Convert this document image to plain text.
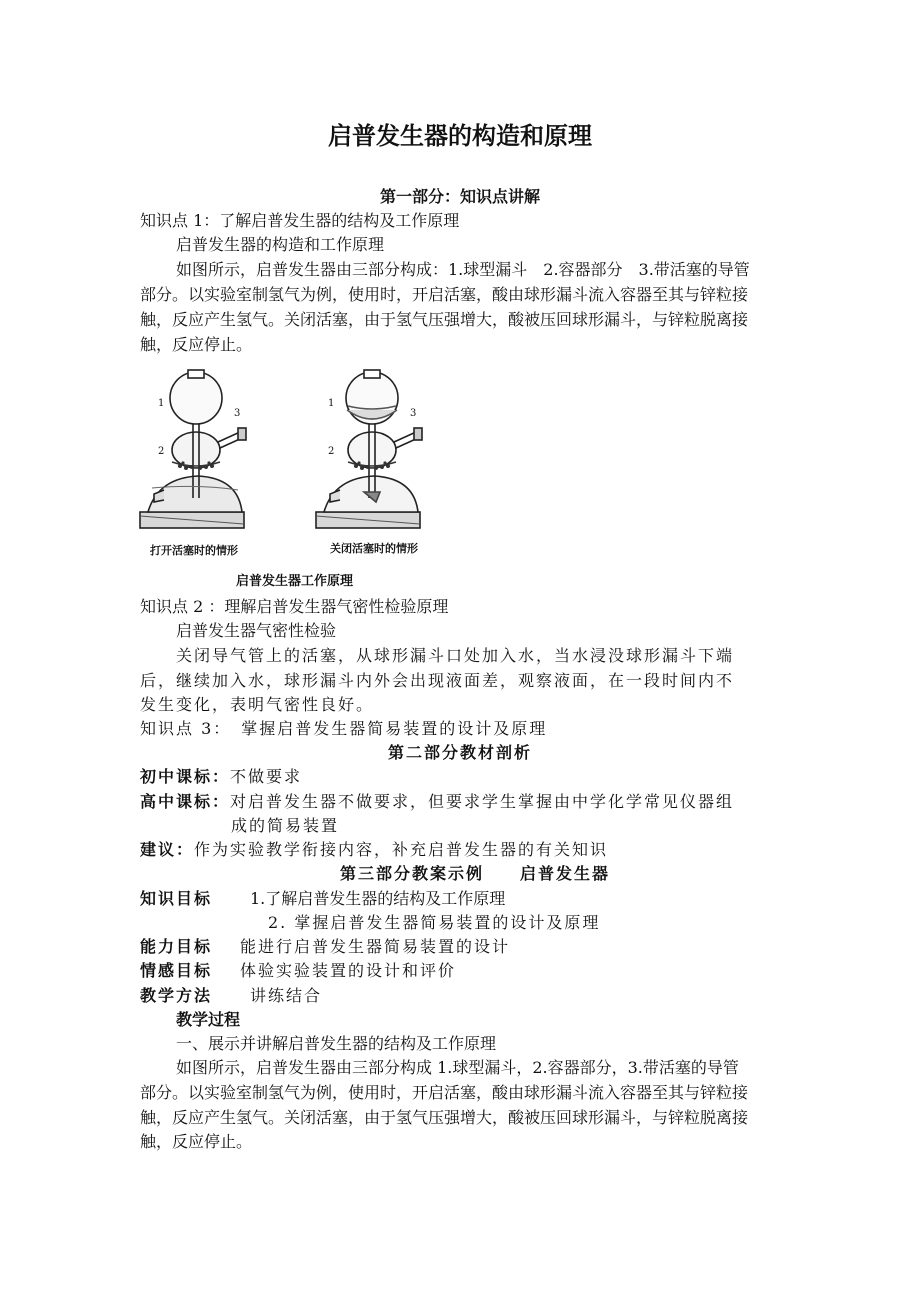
启普发生器的构造和原理
第一部分：知识点讲解
知识点 1：了解启普发生器的结构及工作原理
启普发生器的构造和工作原理
如图所示，启普发生器由三部分构成：1.球型漏斗　2.容器部分　3.带活塞的导管
部分。以实验室制氢气为例，使用时，开启活塞，酸由球形漏斗流入容器至其与锌粒接
触，反应产生氢气。关闭活塞，由于氢气压强增大，酸被压回球形漏斗，与锌粒脱离接
触，反应停止。
1
2
3
1
2
3
打开活塞时的情形	关闭活塞时的情形
启普发生器工作原理
知识点 2 ：理解启普发生器气密性检验原理
启普发生器气密性检验
关闭导气管上的活塞，从球形漏斗口处加入水，当水浸没球形漏斗下端
后，继续加入水，球形漏斗内外会出现液面差，观察液面，在一段时间内不
发生变化，表明气密性良好。
知识点 3：　掌握启普发生器简易装置的设计及原理
第二部分教材剖析
初中课标：不做要求
高中课标：对启普发生器不做要求，但要求学生掌握由中学化学常见仪器组
成的简易装置
建议：作为实验教学衔接内容，补充启普发生器的有关知识
第三部分教案示例　　启普发生器
知识目标 1.了解启普发生器的结构及工作原理
2. 掌握启普发生器简易装置的设计及原理
能力目标 能进行启普发生器简易装置的设计
情感目标 体验实验装置的设计和评价
教学方法 讲练结合
教学过程
一、展示并讲解启普发生器的结构及工作原理
如图所示，启普发生器由三部分构成 1.球型漏斗，2.容器部分，3.带活塞的导管
部分。以实验室制氢气为例，使用时，开启活塞，酸由球形漏斗流入容器至其与锌粒接
触，反应产生氢气。关闭活塞，由于氢气压强增大，酸被压回球形漏斗，与锌粒脱离接
触，反应停止。
